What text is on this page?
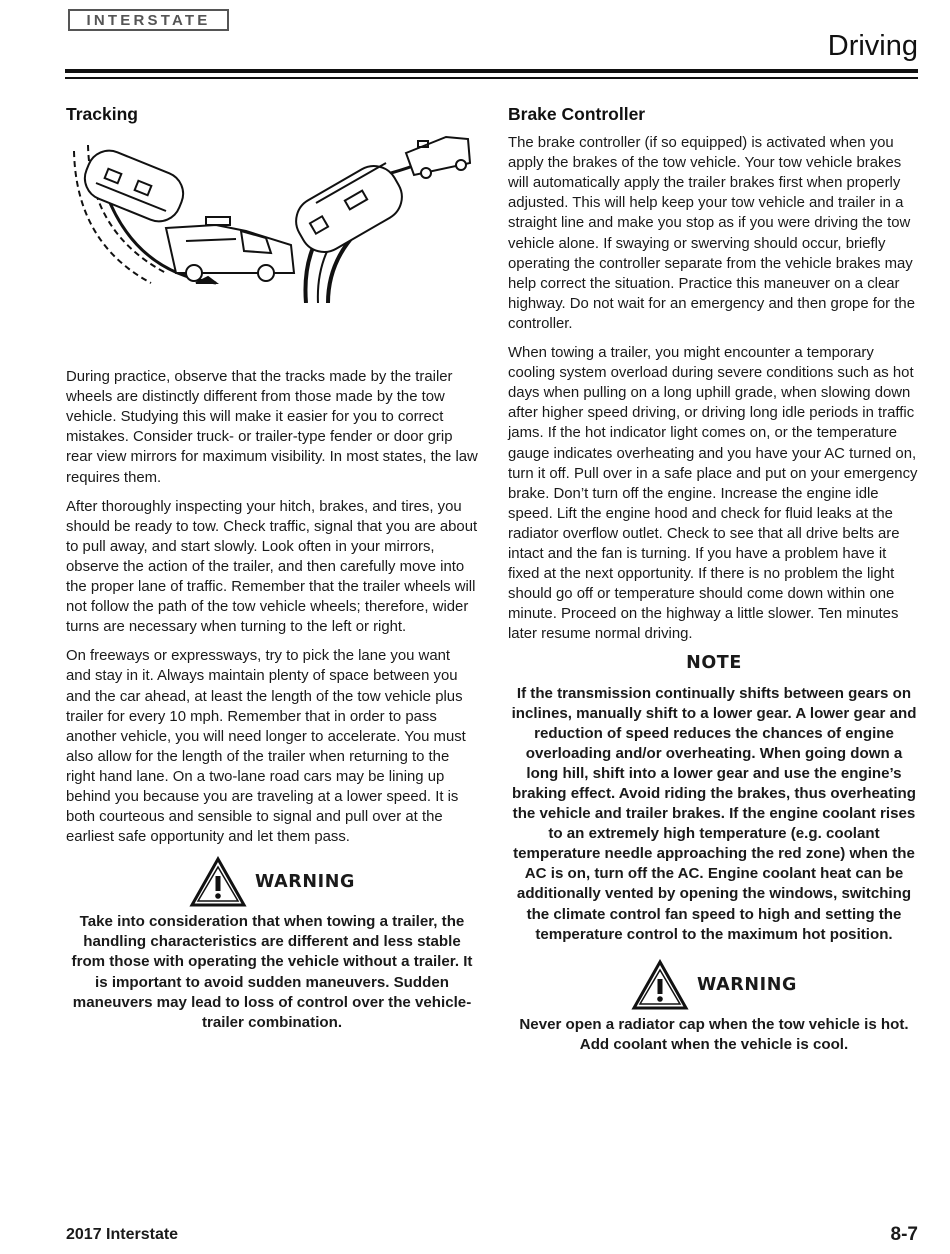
INTERSTATE
Driving
Tracking

During practice, observe that the tracks made by the trailer wheels are distinctly different from those made by the tow vehicle. Studying this will make it easier for you to correct mistakes. Consider truck- or trailer-type fender or door grip rear view mirrors for maximum visibility. In most states, the law requires them.

After thoroughly inspecting your hitch, brakes, and tires, you should be ready to tow. Check traffic, signal that you are about to pull away, and start slowly. Look often in your mirrors, observe the action of the trailer, and then carefully move into the proper lane of traffic. Remember that the trailer wheels will not follow the path of the tow vehicle wheels; therefore, wider turns are necessary when turning to the left or right.

On freeways or expressways, try to pick the lane you want and stay in it. Always maintain plenty of space between you and the car ahead, at least the length of the tow vehicle plus trailer for every 10 mph. Remember that in order to pass another vehicle, you will need longer to accelerate. You must also allow for the length of the trailer when returning to the right hand lane. On a two-lane road cars may be lining up behind you because you are traveling at a lower speed. It is both courteous and sensible to signal and pull over at the earliest safe opportunity and let them pass.

WARNING
Take into consideration that when towing a trailer, the handling characteristics are different and less stable from those with operating the vehicle without a trailer. It is important to avoid sudden maneuvers. Sudden maneuvers may lead to loss of control over the vehicle-trailer combination.
Brake Controller

The brake controller (if so equipped) is activated when you apply the brakes of the tow vehicle. Your tow vehicle brakes will automatically apply the trailer brakes first when properly adjusted. This will help keep your tow vehicle and trailer in a straight line and make you stop as if you were driving the tow vehicle alone. If swaying or swerving should occur, briefly operating the controller separate from the vehicle brakes may help correct the situation. Practice this maneuver on a clear highway. Do not wait for an emergency and then grope for the controller.

When towing a trailer, you might encounter a temporary cooling system overload during severe conditions such as hot days when pulling on a long uphill grade, when slowing down after higher speed driving, or driving long idle periods in traffic jams. If the hot indicator light comes on, or the temperature gauge indicates overheating and you have your AC turned on, turn it off. Pull over in a safe place and put on your emergency brake. Don’t turn off the engine. Increase the engine idle speed. Lift the engine hood and check for fluid leaks at the radiator overflow outlet. Check to see that all drive belts are intact and the fan is turning. If you have a problem have it fixed at the next opportunity. If there is no problem the light should go off or temperature should come down within one minute. Proceed on the highway a little slower. Ten minutes later resume normal driving.

NOTE
If the transmission continually shifts between gears on inclines, manually shift to a lower gear. A lower gear and reduction of speed reduces the chances of engine overloading and/or overheating. When going down a long hill, shift into a lower gear and use the engine’s braking effect. Avoid riding the brakes, thus overheating the vehicle and trailer brakes. If the engine coolant rises to an extremely high temperature (e.g. coolant temperature needle approaching the red zone) when the AC is on, turn off the AC. Engine coolant heat can be additionally vented by opening the windows, switching the climate control fan speed to high and setting the temperature control to the maximum hot position.
WARNING
Never open a radiator cap when the tow vehicle is hot. Add coolant when the vehicle is cool.
2017 Interstate	8-7
